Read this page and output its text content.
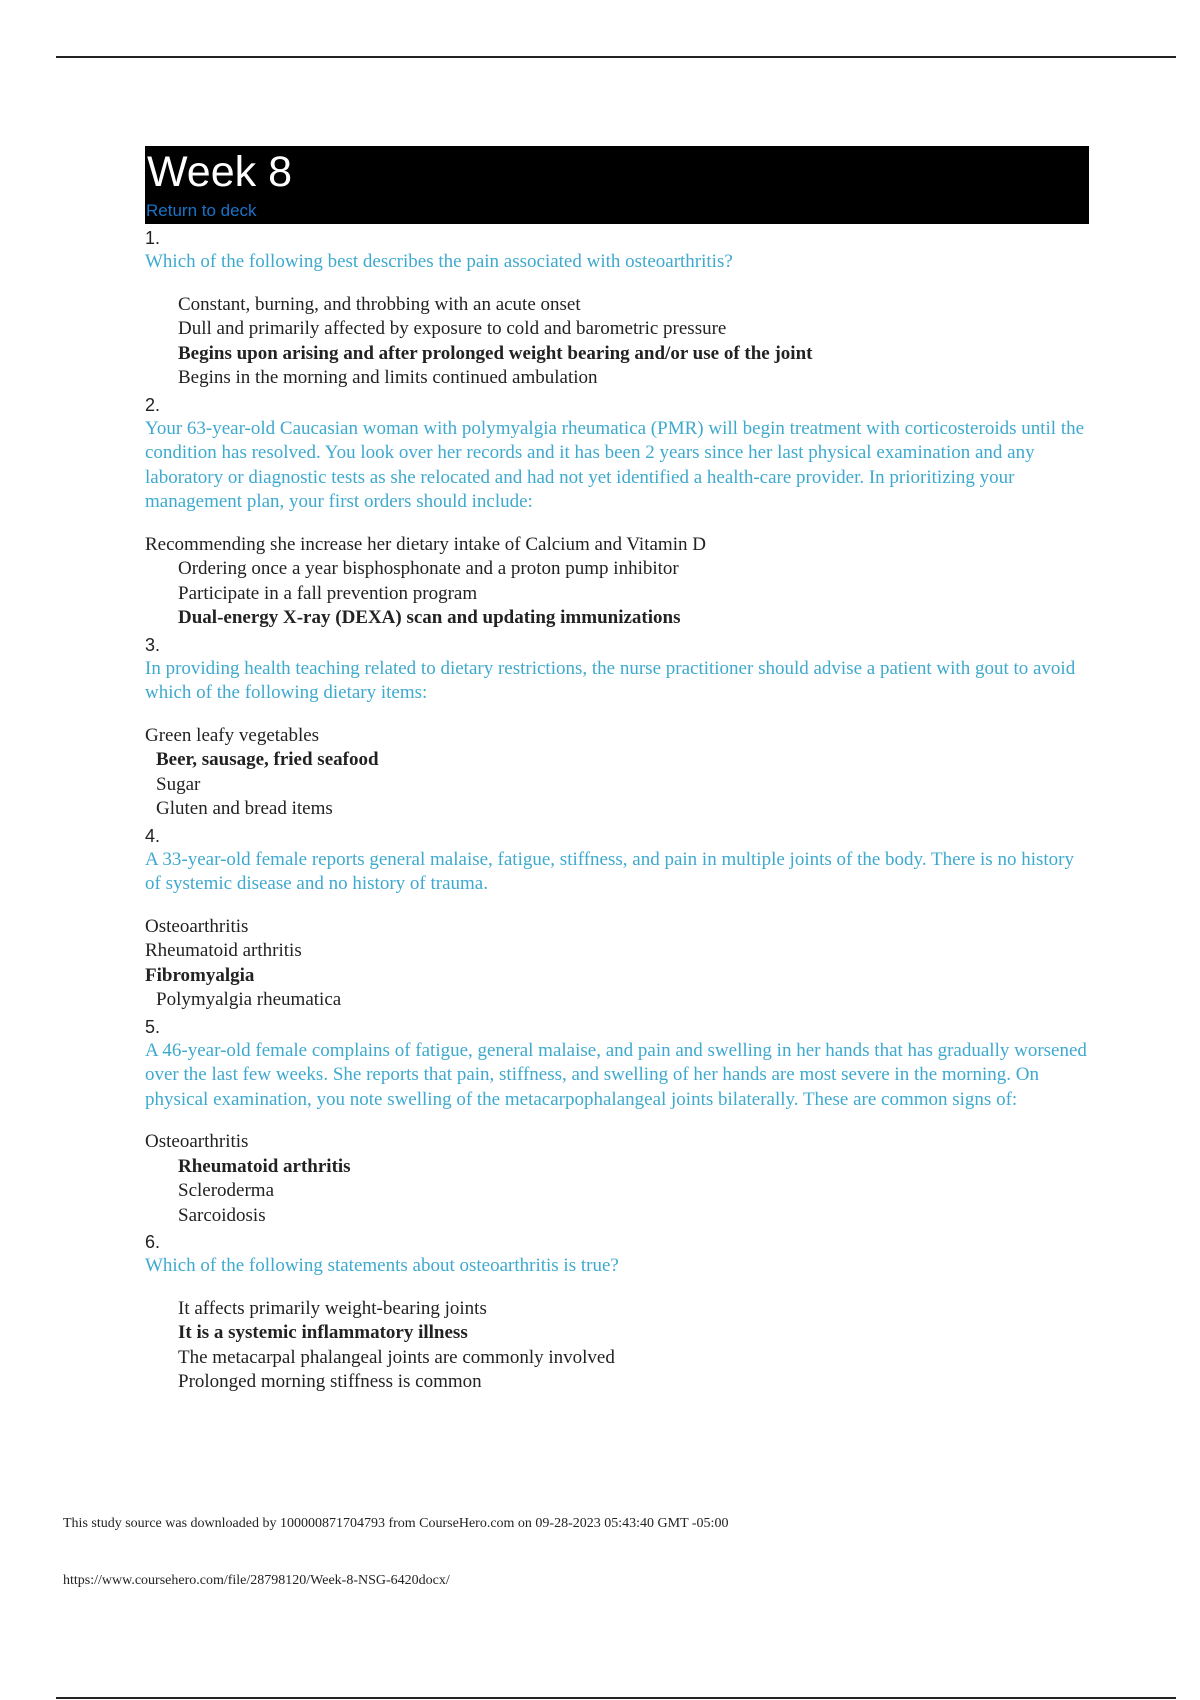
Week 8
Return to deck
1.

Which of the following best describes the pain associated with osteoarthritis?

Constant, burning, and throbbing with an acute onset
Dull and primarily affected by exposure to cold and barometric pressure
Begins upon arising and after prolonged weight bearing and/or use of the joint
Begins in the morning and limits continued ambulation
2.

Your 63-year-old Caucasian woman with polymyalgia rheumatica (PMR) will begin treatment with corticosteroids until the condition has resolved. You look over her records and it has been 2 years since her last physical examination and any laboratory or diagnostic tests as she relocated and had not yet identified a health-care provider. In prioritizing your management plan, your first orders should include:

Recommending she increase her dietary intake of Calcium and Vitamin D
Ordering once a year bisphosphonate and a proton pump inhibitor
Participate in a fall prevention program
Dual-energy X-ray (DEXA) scan and updating immunizations
3.

In providing health teaching related to dietary restrictions, the nurse practitioner should advise a patient with gout to avoid which of the following dietary items:

Green leafy vegetables
Beer, sausage, fried seafood
Sugar
Gluten and bread items
4.

A 33-year-old female reports general malaise, fatigue, stiffness, and pain in multiple joints of the body. There is no history of systemic disease and no history of trauma.

Osteoarthritis
Rheumatoid arthritis
Fibromyalgia
Polymyalgia rheumatica
5.

A 46-year-old female complains of fatigue, general malaise, and pain and swelling in her hands that has gradually worsened over the last few weeks. She reports that pain, stiffness, and swelling of her hands are most severe in the morning. On physical examination, you note swelling of the metacarpophalangeal joints bilaterally. These are common signs of:

Osteoarthritis
Rheumatoid arthritis
Scleroderma
Sarcoidosis
6.

Which of the following statements about osteoarthritis is true?

It affects primarily weight-bearing joints
It is a systemic inflammatory illness
The metacarpal phalangeal joints are commonly involved
Prolonged morning stiffness is common
This study source was downloaded by 100000871704793 from CourseHero.com on 09-28-2023 05:43:40 GMT -05:00
https://www.coursehero.com/file/28798120/Week-8-NSG-6420docx/
